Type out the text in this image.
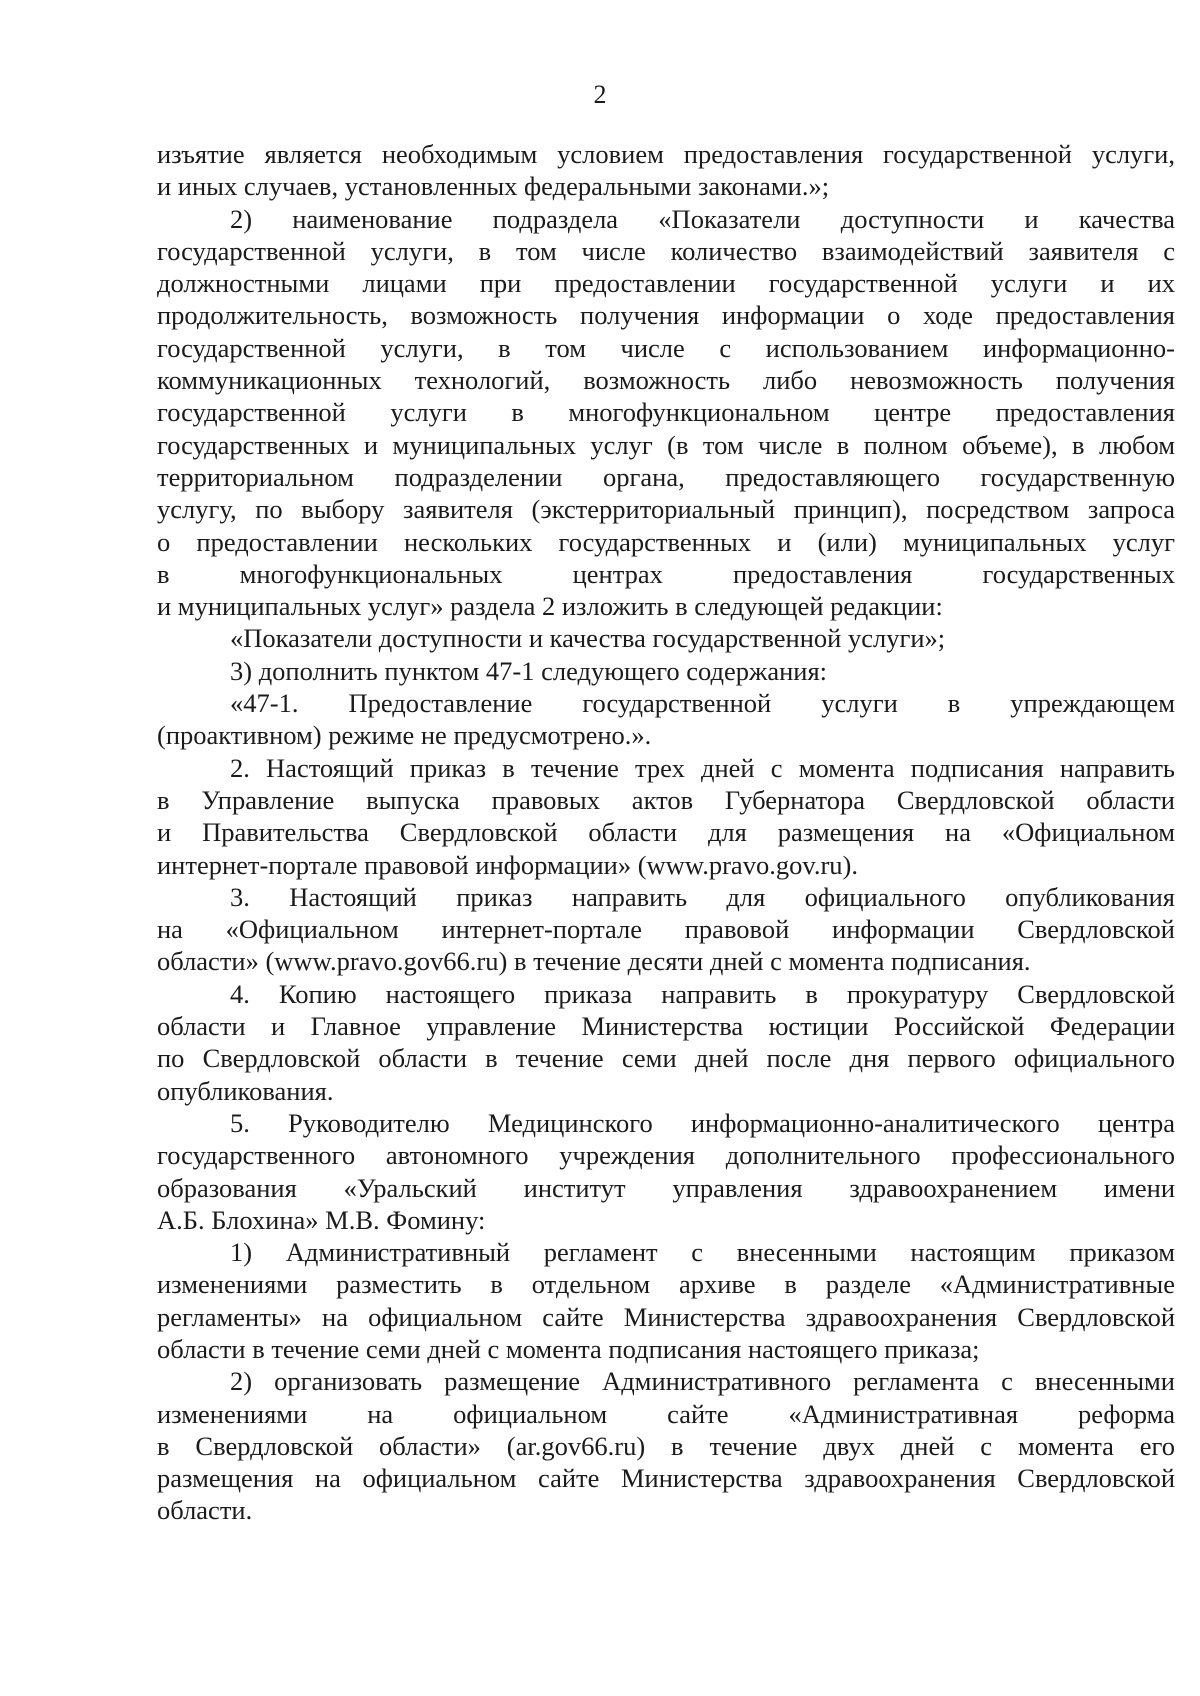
2
изъятие является необходимым условием предоставления государственной услуги,
и иных случаев, установленных федеральными законами.»;
2) наименование подраздела «Показатели доступности и качества
государственной услуги, в том числе количество взаимодействий заявителя с
должностными лицами при предоставлении государственной услуги и их
продолжительность, возможность получения информации о ходе предоставления
государственной услуги, в том числе с использованием информационно-
коммуникационных технологий, возможность либо невозможность получения
государственной услуги в многофункциональном центре предоставления
государственных и муниципальных услуг (в том числе в полном объеме), в любом
территориальном подразделении органа, предоставляющего государственную
услугу, по выбору заявителя (экстерриториальный принцип), посредством запроса
о предоставлении нескольких государственных и (или) муниципальных услуг
в многофункциональных центрах предоставления государственных
и муниципальных услуг» раздела 2 изложить в следующей редакции:
«Показатели доступности и качества государственной услуги»;
3) дополнить пунктом 47-1 следующего содержания:
«47-1. Предоставление государственной услуги в упреждающем
(проактивном) режиме не предусмотрено.».
2. Настоящий приказ в течение трех дней с момента подписания направить
в Управление выпуска правовых актов Губернатора Свердловской области
и Правительства Свердловской области для размещения на «Официальном
интернет-портале правовой информации» (www.pravo.gov.ru).
3. Настоящий приказ направить для официального опубликования
на «Официальном интернет-портале правовой информации Свердловской
области» (www.pravo.gov66.ru) в течение десяти дней с момента подписания.
4. Копию настоящего приказа направить в прокуратуру Свердловской
области и Главное управление Министерства юстиции Российской Федерации
по Свердловской области в течение семи дней после дня первого официального
опубликования.
5. Руководителю Медицинского информационно-аналитического центра
государственного автономного учреждения дополнительного профессионального
образования «Уральский институт управления здравоохранением имени
А.Б. Блохина» М.В. Фомину:
1) Административный регламент с внесенными настоящим приказом
изменениями разместить в отдельном архиве в разделе «Административные
регламенты» на официальном сайте Министерства здравоохранения Свердловской
области в течение семи дней с момента подписания настоящего приказа;
2) организовать размещение Административного регламента с внесенными
изменениями на официальном сайте «Административная реформа
в Свердловской области» (ar.gov66.ru) в течение двух дней с момента его
размещения на официальном сайте Министерства здравоохранения Свердловской
области.
